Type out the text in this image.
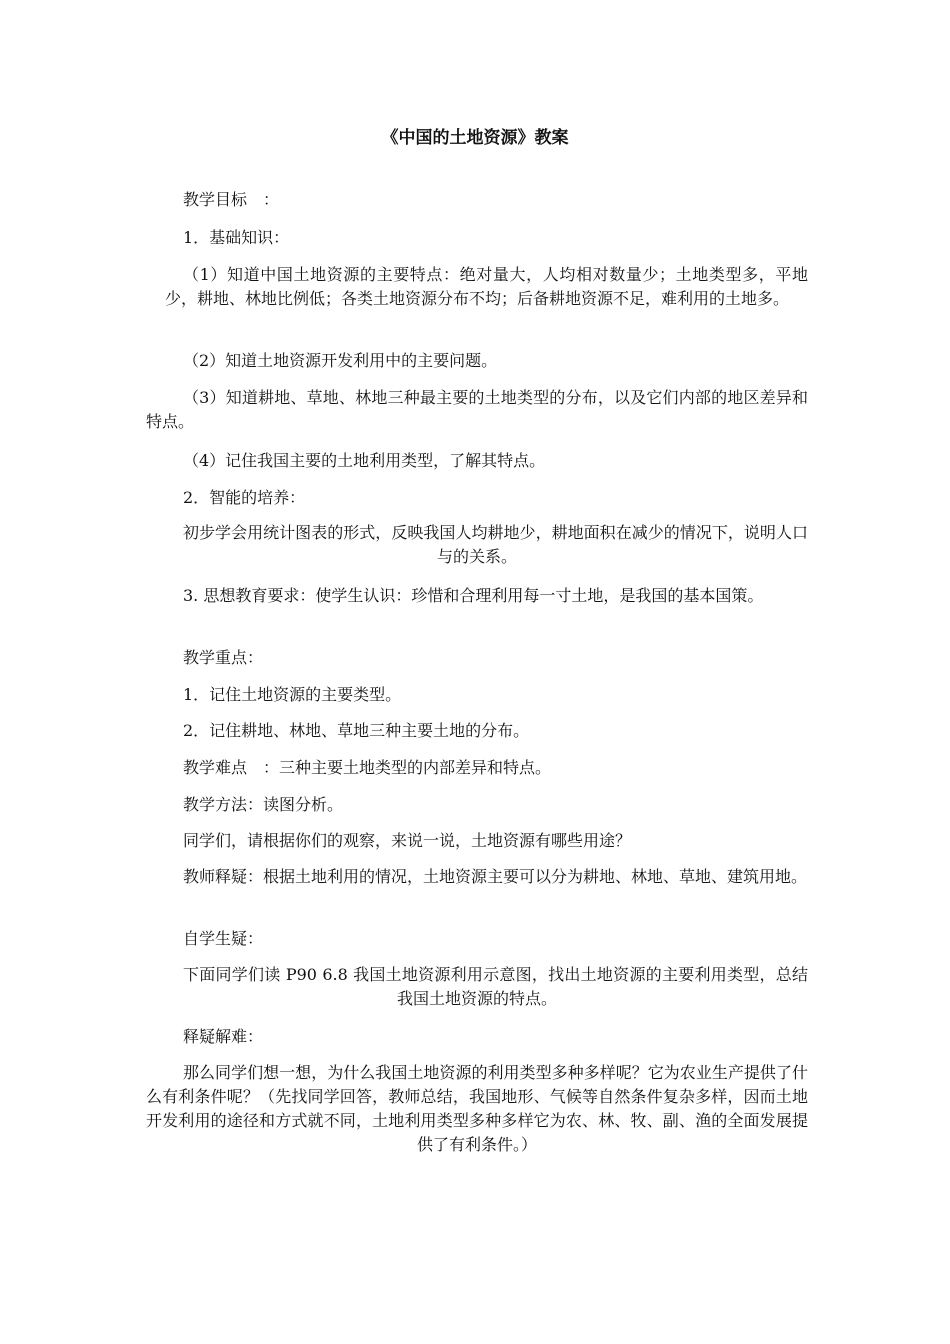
《中国的土地资源》教案

教学目标　：

1．基础知识：

（1）知道中国土地资源的主要特点：绝对量大，人均相对数量少；土地类型多，平地少，耕地、林地比例低；各类土地资源分布不均；后备耕地资源不足，难利用的土地多。

（2）知道土地资源开发利用中的主要问题。

（3）知道耕地、草地、林地三种最主要的土地类型的分布，以及它们内部的地区差异和特点。

（4）记住我国主要的土地利用类型，了解其特点。

2．智能的培养：

初步学会用统计图表的形式，反映我国人均耕地少，耕地面积在减少的情况下，说明人口与的关系。

3. 思想教育要求：使学生认识：珍惜和合理利用每一寸土地，是我国的基本国策。

教学重点：

1．记住土地资源的主要类型。

2．记住耕地、林地、草地三种主要土地的分布。

教学难点　：三种主要土地类型的内部差异和特点。

教学方法：读图分析。

同学们，请根据你们的观察，来说一说，土地资源有哪些用途？

教师释疑：根据土地利用的情况，土地资源主要可以分为耕地、林地、草地、建筑用地。

自学生疑：

下面同学们读 P90 6.8 我国土地资源利用示意图，找出土地资源的主要利用类型，总结我国土地资源的特点。

释疑解难：

那么同学们想一想，为什么我国土地资源的利用类型多种多样呢？它为农业生产提供了什么有利条件呢？（先找同学回答，教师总结，我国地形、气候等自然条件复杂多样，因而土地开发利用的途径和方式就不同，土地利用类型多种多样它为农、林、牧、副、渔的全面发展提供了有利条件。）
